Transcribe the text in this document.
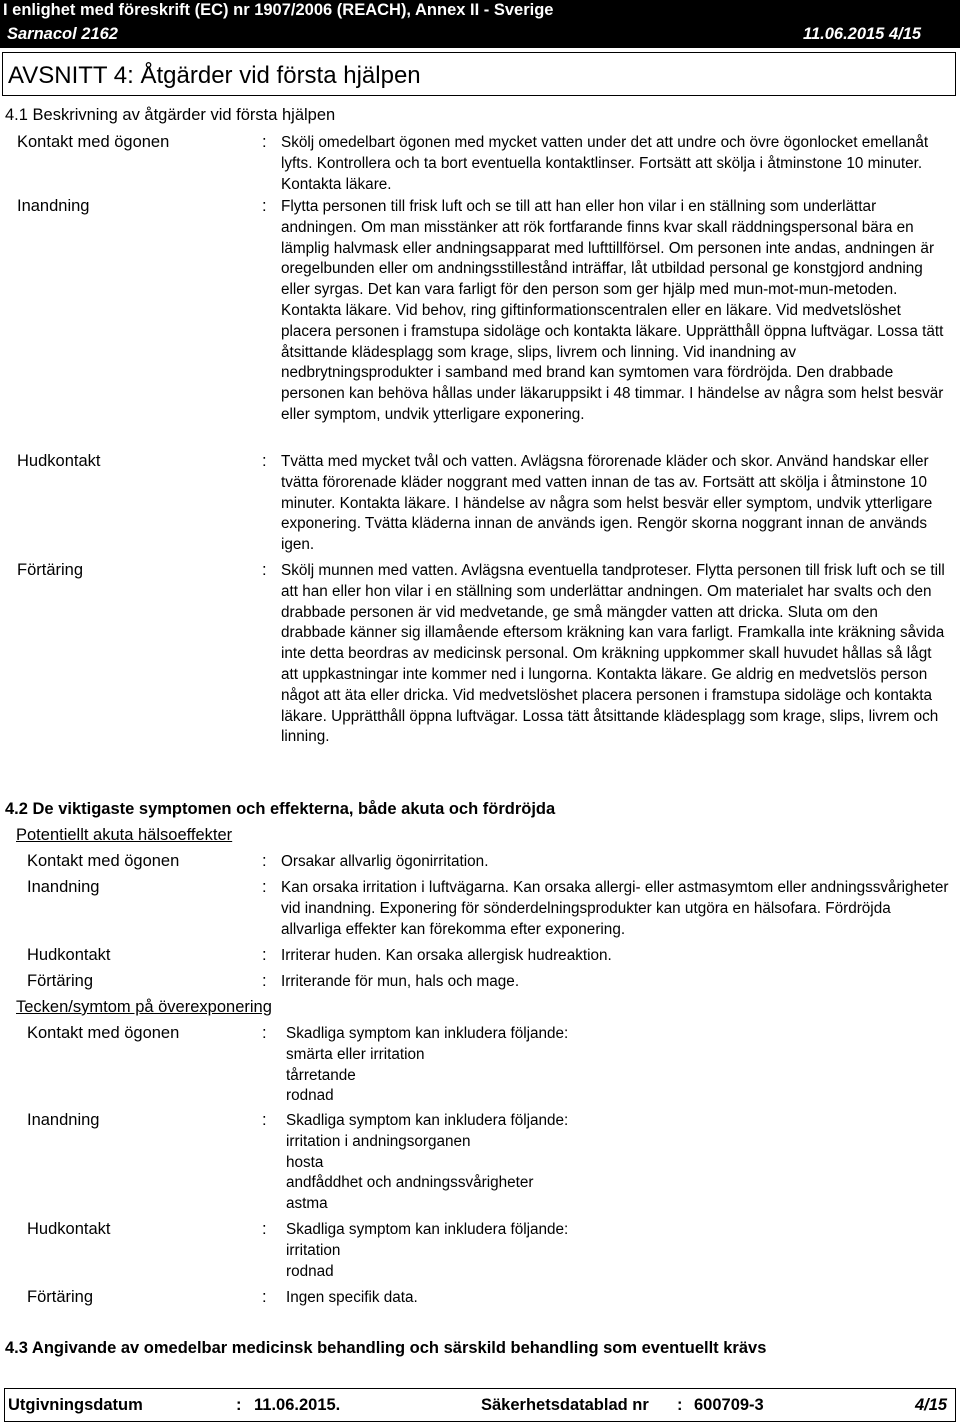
I enlighet med föreskrift (EC) nr 1907/2006 (REACH), Annex II - Sverige
Sarnacol 2162	11.06.2015 4/15
AVSNITT 4: Åtgärder vid första hjälpen
4.1 Beskrivning av åtgärder vid första hjälpen
Kontakt med ögonen	: Skölj omedelbart ögonen med mycket vatten under det att undre och övre ögonlocket emellanåt lyfts. Kontrollera och ta bort eventuella kontaktlinser. Fortsätt att skölja i åtminstone 10 minuter. Kontakta läkare.
Inandning	: Flytta personen till frisk luft och se till att han eller hon vilar i en ställning som underlättar andningen. Om man misstänker att rök fortfarande finns kvar skall räddningspersonal bära en lämplig halvmask eller andningsapparat med lufttillförsel. Om personen inte andas, andningen är oregelbunden eller om andningsstillestånd inträffar, låt utbildad personal ge konstgjord andning eller syrgas. Det kan vara farligt för den person som ger hjälp med mun-mot-mun-metoden. Kontakta läkare. Vid behov, ring giftinformationscentralen eller en läkare. Vid medvetslöshet placera personen i framstupa sidoläge och kontakta läkare. Upprätthåll öppna luftvägar. Lossa tätt åtsittande klädesplagg som krage, slips, livrem och linning. Vid inandning av nedbrytningsprodukter i samband med brand kan symtomen vara fördröjda. Den drabbade personen kan behöva hållas under läkaruppsikt i 48 timmar. I händelse av några som helst besvär eller symptom, undvik ytterligare exponering.
Hudkontakt	: Tvätta med mycket tvål och vatten. Avlägsna förorenade kläder och skor. Använd handskar eller tvätta förorenade kläder noggrant med vatten innan de tas av. Fortsätt att skölja i åtminstone 10 minuter. Kontakta läkare. I händelse av några som helst besvär eller symptom, undvik ytterligare exponering. Tvätta kläderna innan de används igen. Rengör skorna noggrant innan de används igen.
Förtäring	: Skölj munnen med vatten. Avlägsna eventuella tandproteser. Flytta personen till frisk luft och se till att han eller hon vilar i en ställning som underlättar andningen. Om materialet har svalts och den drabbade personen är vid medvetande, ge små mängder vatten att dricka. Sluta om den drabbade känner sig illamående eftersom kräkning kan vara farligt. Framkalla inte kräkning såvida inte detta beordras av medicinsk personal. Om kräkning uppkommer skall huvudet hållas så lågt att uppkastningar inte kommer ned i lungorna. Kontakta läkare. Ge aldrig en medvetslös person något att äta eller dricka. Vid medvetslöshet placera personen i framstupa sidoläge och kontakta läkare. Upprätthåll öppna luftvägar. Lossa tätt åtsittande klädesplagg som krage, slips, livrem och linning.
4.2 De viktigaste symptomen och effekterna, både akuta och fördröjda
Potentiellt akuta hälsoeffekter
Kontakt med ögonen	: Orsakar allvarlig ögonirritation.
Inandning	: Kan orsaka irritation i luftvägarna. Kan orsaka allergi- eller astmasymtom eller andningssvårigheter vid inandning. Exponering för sönderdelningsprodukter kan utgöra en hälsofara. Fördröjda allvarliga effekter kan förekomma efter exponering.
Hudkontakt	: Irriterar huden. Kan orsaka allergisk hudreaktion.
Förtäring	: Irriterande för mun, hals och mage.
Tecken/symtom på överexponering
Kontakt med ögonen	: Skadliga symptom kan inkludera följande:
smärta eller irritation
tårretande
rodnad
Inandning	: Skadliga symptom kan inkludera följande:
irritation i andningsorganen
hosta
andfåddhet och andningssvårigheter
astma
Hudkontakt	: Skadliga symptom kan inkludera följande:
irritation
rodnad
Förtäring	: Ingen specifik data.
4.3 Angivande av omedelbar medicinsk behandling och särskild behandling som eventuellt krävs
Utgivningsdatum	: 11.06.2015.	Säkerhetsdatablad nr : 600709-3	4/15
